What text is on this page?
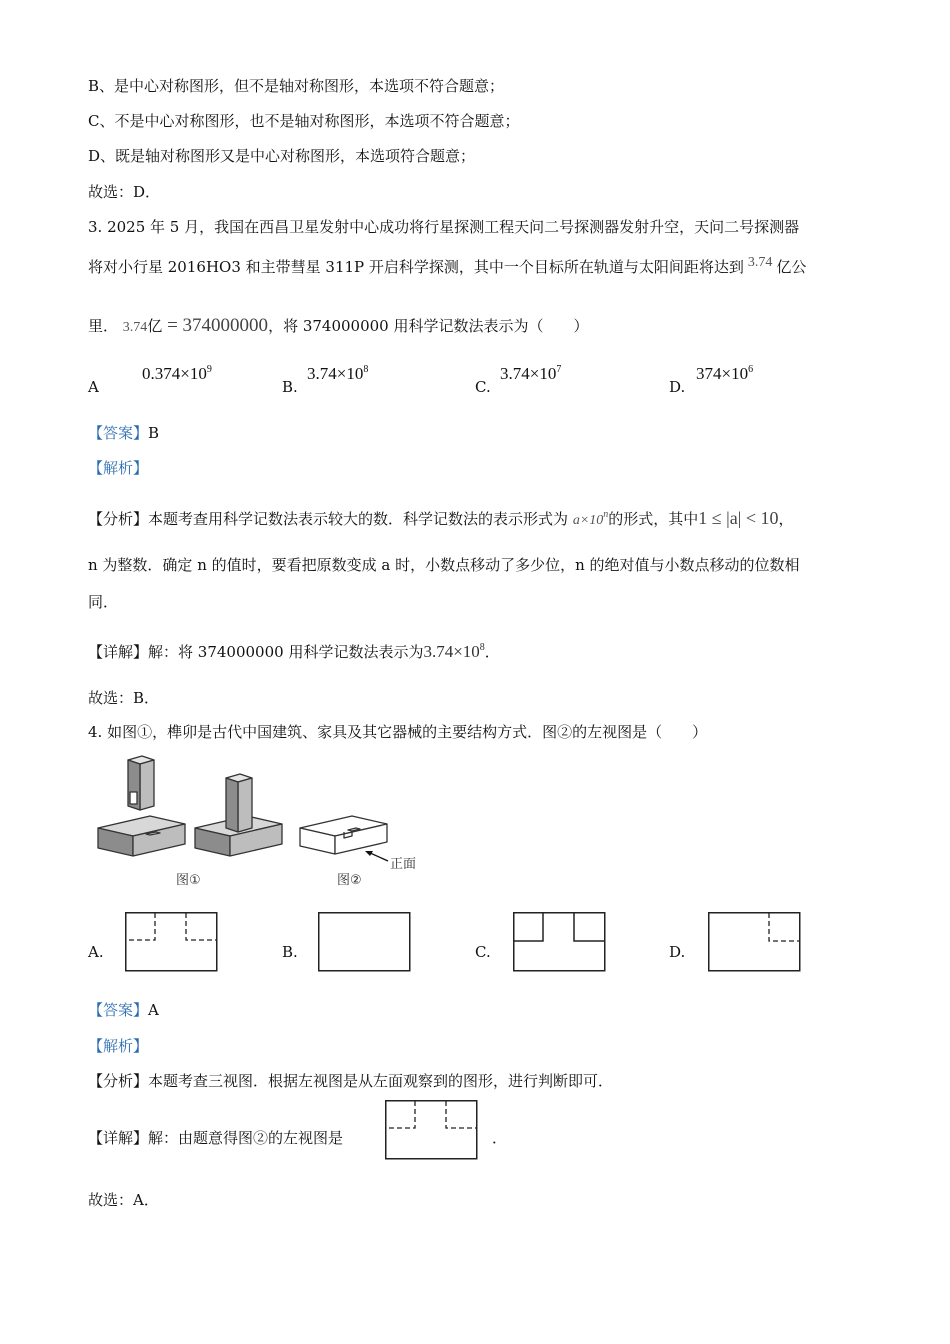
B、是中心对称图形，但不是轴对称图形，本选项不符合题意；
C、不是中心对称图形，也不是轴对称图形，本选项不符合题意；
D、既是轴对称图形又是中心对称图形，本选项符合题意；
故选：D．
3. 2025 年 5 月，我国在西昌卫星发射中心成功将行星探测工程天问二号探测器发射升空，天问二号探测器
将对小行星 2016HO3 和主带彗星 311P 开启科学探测，其中一个目标所在轨道与太阳间距将达到 3.74 亿公
里． 3.74亿 = 374000000，将 374000000 用科学记数法表示为（　　）
A
$0.374\times 10^9$
B.
$3.74\times 10^8$
C.
$3.74\times 10^7$
D.
$374\times 10^6$
【答案】B
【解析】
【分析】本题考查用科学记数法表示较大的数．科学记数法的表示形式为 $a\times 10^n$的形式，其中1 ≤ |a| < 10，
n 为整数．确定 n 的值时，要看把原数变成 a 时，小数点移动了多少位，n 的绝对值与小数点移动的位数相
同．
【详解】解：将 374000000 用科学记数法表示为$3.74\times 10^8$．
故选：B．
4. 如图①，榫卯是古代中国建筑、家具及其它器械的主要结构方式．图②的左视图是（　　）
正面
图①	图②
A.	B.	C.	D.
【答案】A
【解析】
【分析】本题考查三视图．根据左视图是从左面观察到的图形，进行判断即可．
【详解】解：由题意得图②的左视图是	．
故选：A．
